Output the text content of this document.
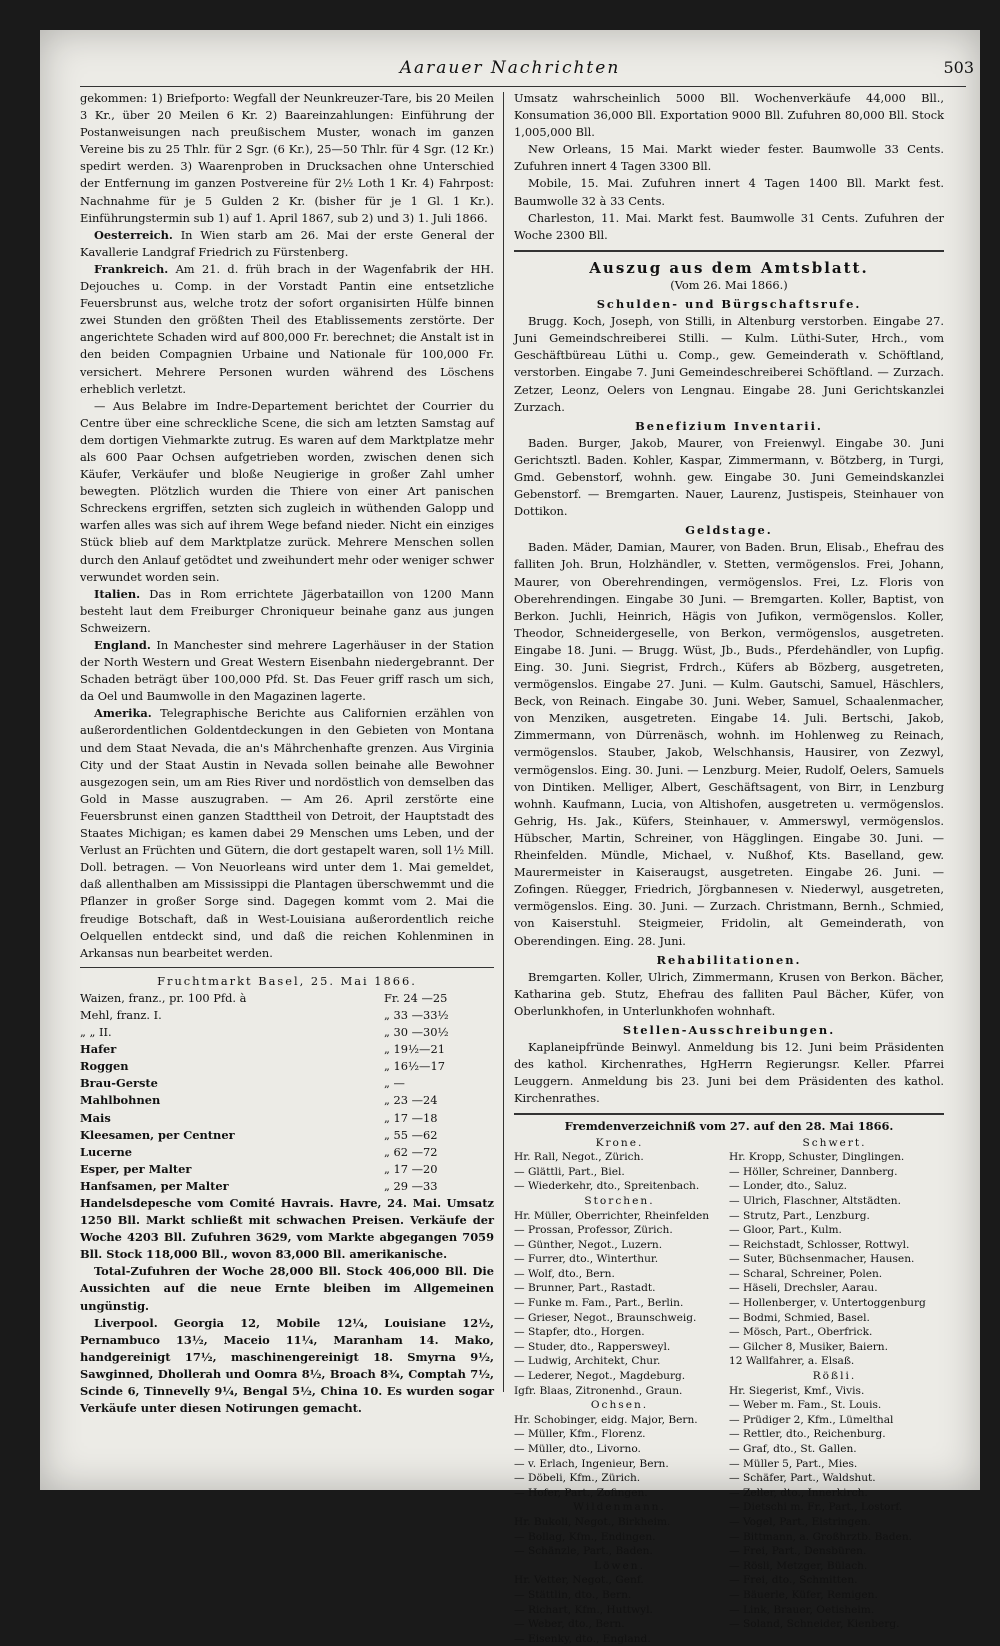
Aarauer Nachrichten	503

gekommen: 1) Briefporto: Wegfall der Neunkreuzer-Tare, bis 20 Meilen 3 Kr., über 20 Meilen 6 Kr. 2) Baareinzahlungen: Einführung der Postanweisungen nach preußischem Muster, wonach im ganzen Vereine bis zu 25 Thlr. für 2 Sgr. (6 Kr.), 25—50 Thlr. für 4 Sgr. (12 Kr.) spedirt werden. 3) Waarenproben in Drucksachen ohne Unterschied der Entfernung im ganzen Postvereine für 2½ Loth 1 Kr. 4) Fahrpost: Nachnahme für je 5 Gulden 2 Kr. (bisher für je 1 Gl. 1 Kr.). Einführungstermin sub 1) auf 1. April 1867, sub 2) und 3) 1. Juli 1866.

Oesterreich. In Wien starb am 26. Mai der erste General der Kavallerie Landgraf Friedrich zu Fürstenberg.

Frankreich. Am 21. d. früh brach in der Wagenfabrik der HH. Dejouches u. Comp. in der Vorstadt Pantin eine entsetzliche Feuersbrunst aus, welche trotz der sofort organisirten Hülfe binnen zwei Stunden den größten Theil des Etablissements zerstörte. Der angerichtete Schaden wird auf 800,000 Fr. berechnet; die Anstalt ist in den beiden Compagnien Urbaine und Nationale für 100,000 Fr. versichert. Mehrere Personen wurden während des Löschens erheblich verletzt.

— Aus Belabre im Indre-Departement berichtet der Courrier du Centre über eine schreckliche Scene, die sich am letzten Samstag auf dem dortigen Viehmarkte zutrug. Es waren auf dem Marktplatze mehr als 600 Paar Ochsen aufgetrieben worden, zwischen denen sich Käufer, Verkäufer und bloße Neugierige in großer Zahl umher bewegten. Plötzlich wurden die Thiere von einer Art panischen Schreckens ergriffen, setzten sich zugleich in wüthenden Galopp und warfen alles was sich auf ihrem Wege befand nieder. Nicht ein einziges Stück blieb auf dem Marktplatze zurück. Mehrere Menschen sollen durch den Anlauf getödtet und zweihundert mehr oder weniger schwer verwundet worden sein.

Italien. Das in Rom errichtete Jägerbataillon von 1200 Mann besteht laut dem Freiburger Chroniqueur beinahe ganz aus jungen Schweizern.

England. In Manchester sind mehrere Lagerhäuser in der Station der North Western und Great Western Eisenbahn niedergebrannt. Der Schaden beträgt über 100,000 Pfd. St. Das Feuer griff rasch um sich, da Oel und Baumwolle in den Magazinen lagerte.

Amerika. Telegraphische Berichte aus Californien erzählen von außerordentlichen Goldentdeckungen in den Gebieten von Montana und dem Staat Nevada, die an's Mährchenhafte grenzen. Aus Virginia City und der Staat Austin in Nevada sollen beinahe alle Bewohner ausgezogen sein, um am Ries River und nordöstlich von demselben das Gold in Masse auszugraben. — Am 26. April zerstörte eine Feuersbrunst einen ganzen Stadttheil von Detroit, der Hauptstadt des Staates Michigan; es kamen dabei 29 Menschen ums Leben, und der Verlust an Früchten und Gütern, die dort gestapelt waren, soll 1½ Mill. Doll. betragen. — Von Neuorleans wird unter dem 1. Mai gemeldet, daß allenthalben am Mississippi die Plantagen überschwemmt und die Pflanzer in großer Sorge sind. Dagegen kommt vom 2. Mai die freudige Botschaft, daß in West-Louisiana außerordentlich reiche Oelquellen entdeckt sind, und daß die reichen Kohlenminen in Arkansas nun bearbeitet werden.

Fruchtmarkt Basel, 25. Mai 1866.

Waizen, franz., pr. 100 Pfd. à	Fr. 24 —25
Mehl, franz. I.	„ 33 —33½
„ „ II.	„ 30 —30½
Hafer	„ 19½—21
Roggen	„ 16½—17
Brau-Gerste	„ —
Mahlbohnen	„ 23 —24
Mais	„ 17 —18
Kleesamen, per Centner	„ 55 —62
Lucerne	„ 62 —72
Esper, per Malter	„ 17 —20
Hanfsamen, per Malter	„ 29 —33

Handelsdepesche vom Comité Havrais. Havre, 24. Mai. Umsatz 1250 Bll. Markt schließt mit schwachen Preisen. Verkäufe der Woche 4203 Bll. Zufuhren 3629, vom Markte abgegangen 7059 Bll. Stock 118,000 Bll., wovon 83,000 Bll. amerikanische.

Total-Zufuhren der Woche 28,000 Bll. Stock 406,000 Bll. Die Aussichten auf die neue Ernte bleiben im Allgemeinen ungünstig.

Liverpool. Georgia 12, Mobile 12¼, Louisiane 12½, Pernambuco 13½, Maceio 11¼, Maranham 14. Mako, handgereinigt 17½, maschinengereinigt 18. Smyrna 9½, Sawginned, Dhollerah und Oomra 8½, Broach 8¾, Comptah 7½, Scinde 6, Tinnevelly 9¼, Bengal 5½, China 10. Es wurden sogar Verkäufe unter diesen Notirungen gemacht.

Umsatz wahrscheinlich 5000 Bll. Wochenverkäufe 44,000 Bll., Konsumation 36,000 Bll. Exportation 9000 Bll. Zufuhren 80,000 Bll. Stock 1,005,000 Bll.

New Orleans, 15 Mai. Markt wieder fester. Baumwolle 33 Cents. Zufuhren innert 4 Tagen 3300 Bll.

Mobile, 15. Mai. Zufuhren innert 4 Tagen 1400 Bll. Markt fest. Baumwolle 32 à 33 Cents.

Charleston, 11. Mai. Markt fest. Baumwolle 31 Cents. Zufuhren der Woche 2300 Bll.

Auszug aus dem Amtsblatt.

(Vom 26. Mai 1866.)

Schulden- und Bürgschaftsrufe.

Brugg. Koch, Joseph, von Stilli, in Altenburg verstorben. Eingabe 27. Juni Gemeindschreiberei Stilli. — Kulm. Lüthi-Suter, Hrch., vom Geschäftbüreau Lüthi u. Comp., gew. Gemeinderath v. Schöftland, verstorben. Eingabe 7. Juni Gemeindeschreiberei Schöftland. — Zurzach. Zetzer, Leonz, Oelers von Lengnau. Eingabe 28. Juni Gerichtskanzlei Zurzach.

Benefizium Inventarii.

Baden. Burger, Jakob, Maurer, von Freienwyl. Eingabe 30. Juni Gerichtsztl. Baden. Kohler, Kaspar, Zimmermann, v. Bötzberg, in Turgi, Gmd. Gebenstorf, wohnh. gew. Eingabe 30. Juni Gemeindskanzlei Gebenstorf. — Bremgarten. Nauer, Laurenz, Justispeis, Steinhauer von Dottikon.

Geldstage.

Baden. Mäder, Damian, Maurer, von Baden. Brun, Elisab., Ehefrau des falliten Joh. Brun, Holzhändler, v. Stetten, vermögenslos. Frei, Johann, Maurer, von Oberehrendingen, vermögenslos. Frei, Lz. Floris von Oberehrendingen. Eingabe 30 Juni. — Bremgarten. Koller, Baptist, von Berkon. Juchli, Heinrich, Hägis von Jufikon, vermögenslos. Koller, Theodor, Schneidergeselle, von Berkon, vermögenslos, ausgetreten. Eingabe 18. Juni. — Brugg. Wüst, Jb., Buds., Pferdehändler, von Lupfig. Eing. 30. Juni. Siegrist, Frdrch., Küfers ab Bözberg, ausgetreten, vermögenslos. Eingabe 27. Juni. — Kulm. Gautschi, Samuel, Häschlers, Beck, von Reinach. Eingabe 30. Juni. Weber, Samuel, Schaalenmacher, von Menziken, ausgetreten. Eingabe 14. Juli. Bertschi, Jakob, Zimmermann, von Dürrenäsch, wohnh. im Hohlenweg zu Reinach, vermögenslos. Stauber, Jakob, Welschhansis, Hausirer, von Zezwyl, vermögenslos. Eing. 30. Juni. — Lenzburg. Meier, Rudolf, Oelers, Samuels von Dintiken. Melliger, Albert, Geschäftsagent, von Birr, in Lenzburg wohnh. Kaufmann, Lucia, von Altishofen, ausgetreten u. vermögenslos. Gehrig, Hs. Jak., Küfers, Steinhauer, v. Ammerswyl, vermögenslos. Hübscher, Martin, Schreiner, von Hägglingen. Eingabe 30. Juni. — Rheinfelden. Mündle, Michael, v. Nußhof, Kts. Baselland, gew. Maurermeister in Kaiseraugst, ausgetreten. Eingabe 26. Juni. — Zofingen. Rüegger, Friedrich, Jörgbannesen v. Niederwyl, ausgetreten, vermögenslos. Eing. 30. Juni. — Zurzach. Christmann, Bernh., Schmied, von Kaiserstuhl. Steigmeier, Fridolin, alt Gemeinderath, von Oberendingen. Eing. 28. Juni.

Rehabilitationen.

Bremgarten. Koller, Ulrich, Zimmermann, Krusen von Berkon. Bächer, Katharina geb. Stutz, Ehefrau des falliten Paul Bächer, Küfer, von Oberlunkhofen, in Unterlunkhofen wohnhaft.

Stellen-Ausschreibungen.

Kaplaneipfründe Beinwyl. Anmeldung bis 12. Juni beim Präsidenten des kathol. Kirchenrathes, HgHerrn Regierungsr. Keller. Pfarrei Leuggern. Anmeldung bis 23. Juni bei dem Präsidenten des kathol. Kirchenrathes.

Fremdenverzeichniß vom 27. auf den 28. Mai 1866.

Krone.
Hr. Rall, Negot., Zürich.
— Glättli, Part., Biel.
— Wiederkehr, dto., Spreitenbach.
Storchen.
Hr. Müller, Oberrichter, Rheinfelden
— Prossan, Professor, Zürich.
— Günther, Negot., Luzern.
— Furrer, dto., Winterthur.
— Wolf, dto., Bern.
— Brunner, Part., Rastadt.
— Funke m. Fam., Part., Berlin.
— Grieser, Negot., Braunschweig.
— Stapfer, dto., Horgen.
— Studer, dto., Rappersweyl.
— Ludwig, Architekt, Chur.
— Lederer, Negot., Magdeburg.
Igfr. Blaas, Zitronenhd., Graun.
Ochsen.
Hr. Schobinger, eidg. Major, Bern.
— Müller, Kfm., Florenz.
— Müller, dto., Livorno.
— v. Erlach, Ingenieur, Bern.
— Döbeli, Kfm., Zürich.
— Hofer, Part., Zofingen.
Wildenmann.
Hr. Bukoli, Negot., Birkheim.
— Bollag, Kfm., Endingen.
— Schänzle, Part., Baden.
Löwen.
Hr. Vetter, Negot., Genf.
— Stättlin, dto., Bern.
— Richart, Kfm., Huttwyl.
— Weber, dto., Bern.
— Eisenky, dto., England.
Schwert.
Hr. Kropp, Schuster, Dinglingen.
— Höller, Schreiner, Dannberg.
— Londer, dto., Saluz.
— Ulrich, Flaschner, Altstädten.
— Strutz, Part., Lenzburg.
— Gloor, Part., Kulm.
— Reichstadt, Schlosser, Rottwyl.
— Suter, Büchsenmacher, Hausen.
— Scharal, Schreiner, Polen.
— Häseli, Drechsler, Aarau.
— Hollenberger, v. Untertoggenburg
— Bodmi, Schmied, Basel.
— Mösch, Part., Oberfrick.
— Gilcher 8, Musiker, Baiern.
12 Wallfahrer, a. Elsaß.
Rößli.
Hr. Siegerist, Kmf., Vivis.
— Weber m. Fam., St. Louis.
— Prüdiger 2, Kfm., Lümelthal
— Rettler, dto., Reichenburg.
— Graf, dto., St. Gallen.
— Müller 5, Part., Mies.
— Schäfer, Part., Waldshut.
— Zeller, dto., Innerkirch.
— Dietschi m. Fr., Part., Lostorf.
— Vogel, Part., Eistringen.
— Bittmann, a. Großhrztb. Baden.
— Frei, Part., Densbüren.
— Rösli, Metzger, Bülach.
— Frei, dto., Schmitten.
— Bäuerle, Küfer, Remigen.
— Link, Brauer, Oetisheim.
— Soland, Schneider, Kienberg.
